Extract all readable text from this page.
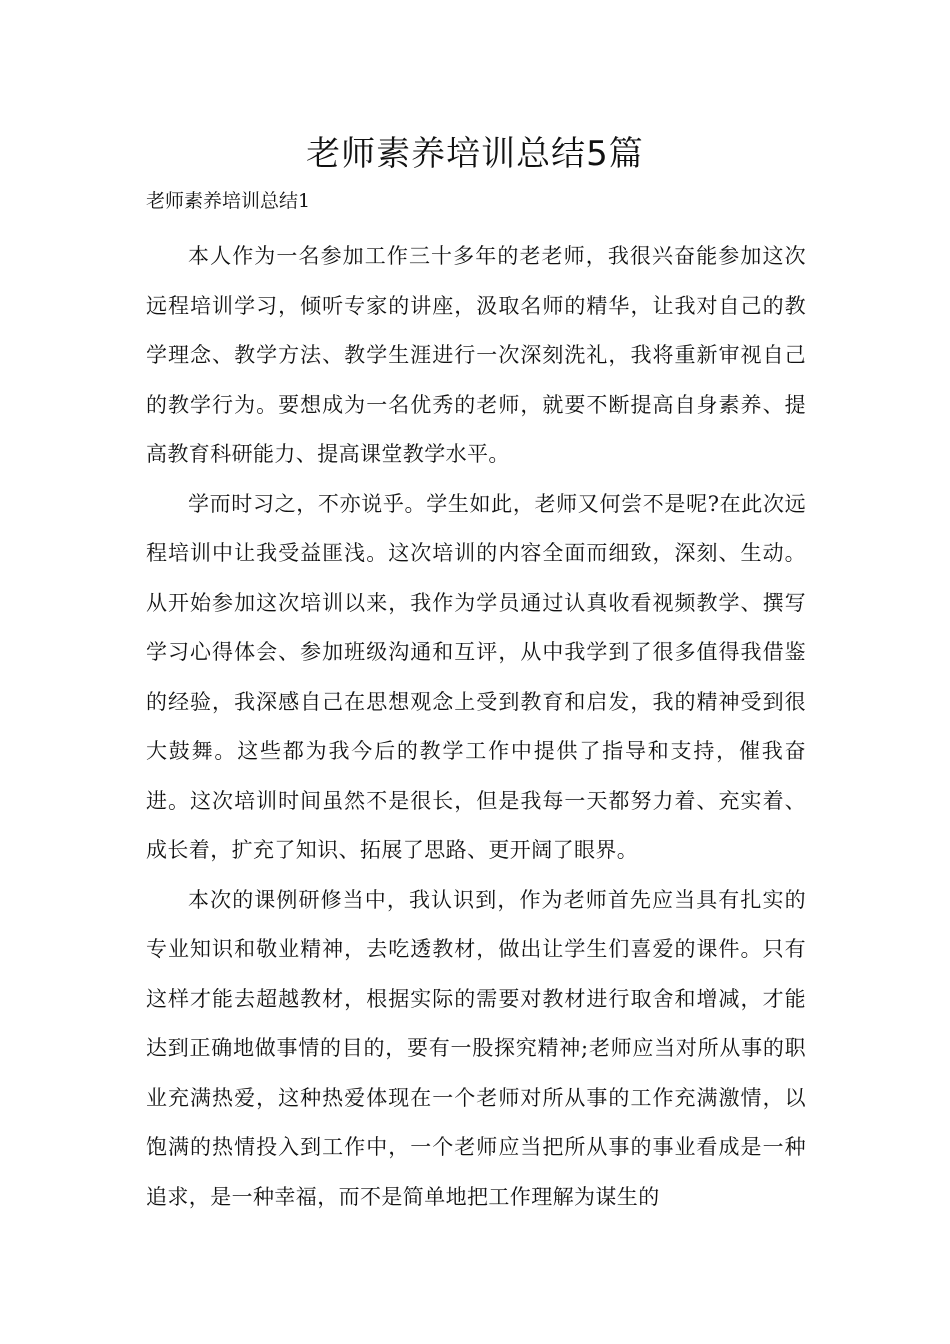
老师素养培训总结5篇

老师素养培训总结1

本人作为一名参加工作三十多年的老老师，我很兴奋能参加这次远程培训学习，倾听专家的讲座，汲取名师的精华，让我对自己的教学理念、教学方法、教学生涯进行一次深刻洗礼，我将重新审视自己的教学行为。要想成为一名优秀的老师，就要不断提高自身素养、提高教育科研能力、提高课堂教学水平。

学而时习之，不亦说乎。学生如此，老师又何尝不是呢?在此次远程培训中让我受益匪浅。这次培训的内容全面而细致，深刻、生动。从开始参加这次培训以来，我作为学员通过认真收看视频教学、撰写学习心得体会、参加班级沟通和互评，从中我学到了很多值得我借鉴的经验，我深感自己在思想观念上受到教育和启发，我的精神受到很大鼓舞。这些都为我今后的教学工作中提供了指导和支持，催我奋进。这次培训时间虽然不是很长，但是我每一天都努力着、充实着、成长着，扩充了知识、拓展了思路、更开阔了眼界。

本次的课例研修当中，我认识到，作为老师首先应当具有扎实的专业知识和敬业精神，去吃透教材，做出让学生们喜爱的课件。只有这样才能去超越教材，根据实际的需要对教材进行取舍和增减，才能达到正确地做事情的目的，要有一股探究精神;老师应当对所从事的职业充满热爱，这种热爱体现在一个老师对所从事的工作充满激情，以饱满的热情投入到工作中，一个老师应当把所从事的事业看成是一种追求，是一种幸福，而不是简单地把工作理解为谋生的
